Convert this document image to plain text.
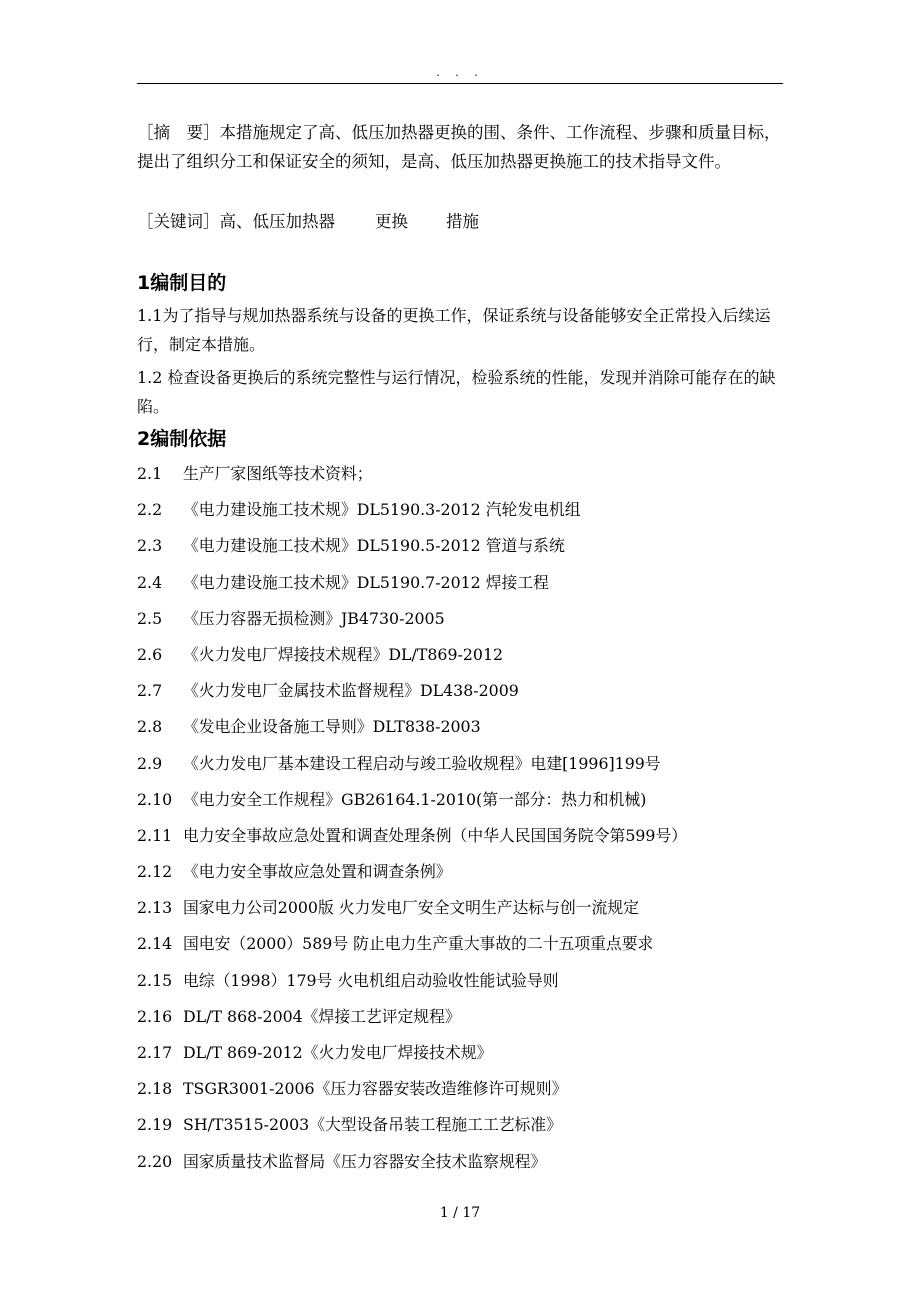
. . .
［摘　要］本措施规定了高、低压加热器更换的围、条件、工作流程、步骤和质量目标，提出了组织分工和保证安全的须知，是高、低压加热器更换施工的技术指导文件。
［关键词］高、低压加热器 更换 措施
1编制目的
1.1为了指导与规加热器系统与设备的更换工作，保证系统与设备能够安全正常投入后续运行，制定本措施。
1.2 检查设备更换后的系统完整性与运行情况，检验系统的性能，发现并消除可能存在的缺陷。
2编制依据
2.1 生产厂家图纸等技术资料；
2.2 《电力建设施工技术规》DL5190.3-2012 汽轮发电机组
2.3 《电力建设施工技术规》DL5190.5-2012 管道与系统
2.4 《电力建设施工技术规》DL5190.7-2012 焊接工程
2.5 《压力容器无损检测》JB4730-2005
2.6 《火力发电厂焊接技术规程》DL/T869-2012
2.7 《火力发电厂金属技术监督规程》DL438-2009
2.8 《发电企业设备施工导则》DLT838-2003
2.9 《火力发电厂基本建设工程启动与竣工验收规程》电建[1996]199号
2.10 《电力安全工作规程》GB26164.1-2010(第一部分：热力和机械)
2.11 电力安全事故应急处置和调查处理条例（中华人民国国务院令第599号）
2.12 《电力安全事故应急处置和调查条例》
2.13 国家电力公司2000版 火力发电厂安全文明生产达标与创一流规定
2.14 国电安（2000）589号 防止电力生产重大事故的二十五项重点要求
2.15 电综（1998）179号 火电机组启动验收性能试验导则
2.16 DL/T 868-2004《焊接工艺评定规程》
2.17 DL/T 869-2012《火力发电厂焊接技术规》
2.18 TSGR3001-2006《压力容器安装改造维修许可规则》
2.19 SH/T3515-2003《大型设备吊装工程施工工艺标准》
2.20 国家质量技术监督局《压力容器安全技术监察规程》
1 / 17
